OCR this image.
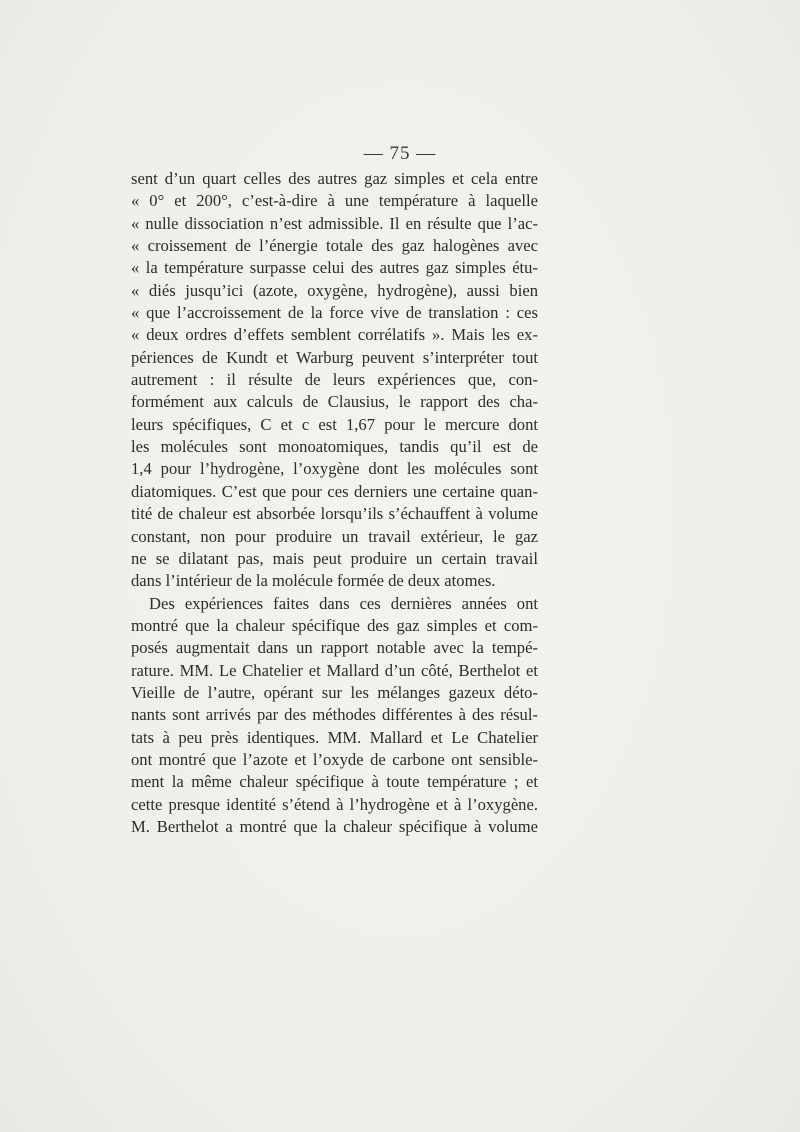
— 75 —
sent d’un quart celles des autres gaz simples et cela entre
« 0° et 200°, c’est-à-dire à une température à laquelle
« nulle dissociation n’est admissible. Il en résulte que l’ac-
« croissement de l’énergie totale des gaz halogènes avec
« la température surpasse celui des autres gaz simples étu-
« diés jusqu’ici (azote, oxygène, hydrogène), aussi bien
« que l’accroissement de la force vive de translation : ces
« deux ordres d’effets semblent corrélatifs ». Mais les ex-
périences de Kundt et Warburg peuvent s’interpréter tout
autrement : il résulte de leurs expériences que, con-
formément aux calculs de Clausius, le rapport des cha-
leurs spécifiques, C et c est 1,67 pour le mercure dont
les molécules sont monoatomiques, tandis qu’il est de
1,4 pour l’hydrogène, l’oxygène dont les molécules sont
diatomiques. C’est que pour ces derniers une certaine quan-
tité de chaleur est absorbée lorsqu’ils s’échauffent à volume
constant, non pour produire un travail extérieur, le gaz
ne se dilatant pas, mais peut produire un certain travail
dans l’intérieur de la molécule formée de deux atomes.
Des expériences faites dans ces dernières années ont
montré que la chaleur spécifique des gaz simples et com-
posés augmentait dans un rapport notable avec la tempé-
rature. MM. Le Chatelier et Mallard d’un côté, Berthelot et
Vieille de l’autre, opérant sur les mélanges gazeux déto-
nants sont arrivés par des méthodes différentes à des résul-
tats à peu près identiques. MM. Mallard et Le Chatelier
ont montré que l’azote et l’oxyde de carbone ont sensible-
ment la même chaleur spécifique à toute température ; et
cette presque identité s’étend à l’hydrogène et à l’oxygène.
M. Berthelot a montré que la chaleur spécifique à volume
